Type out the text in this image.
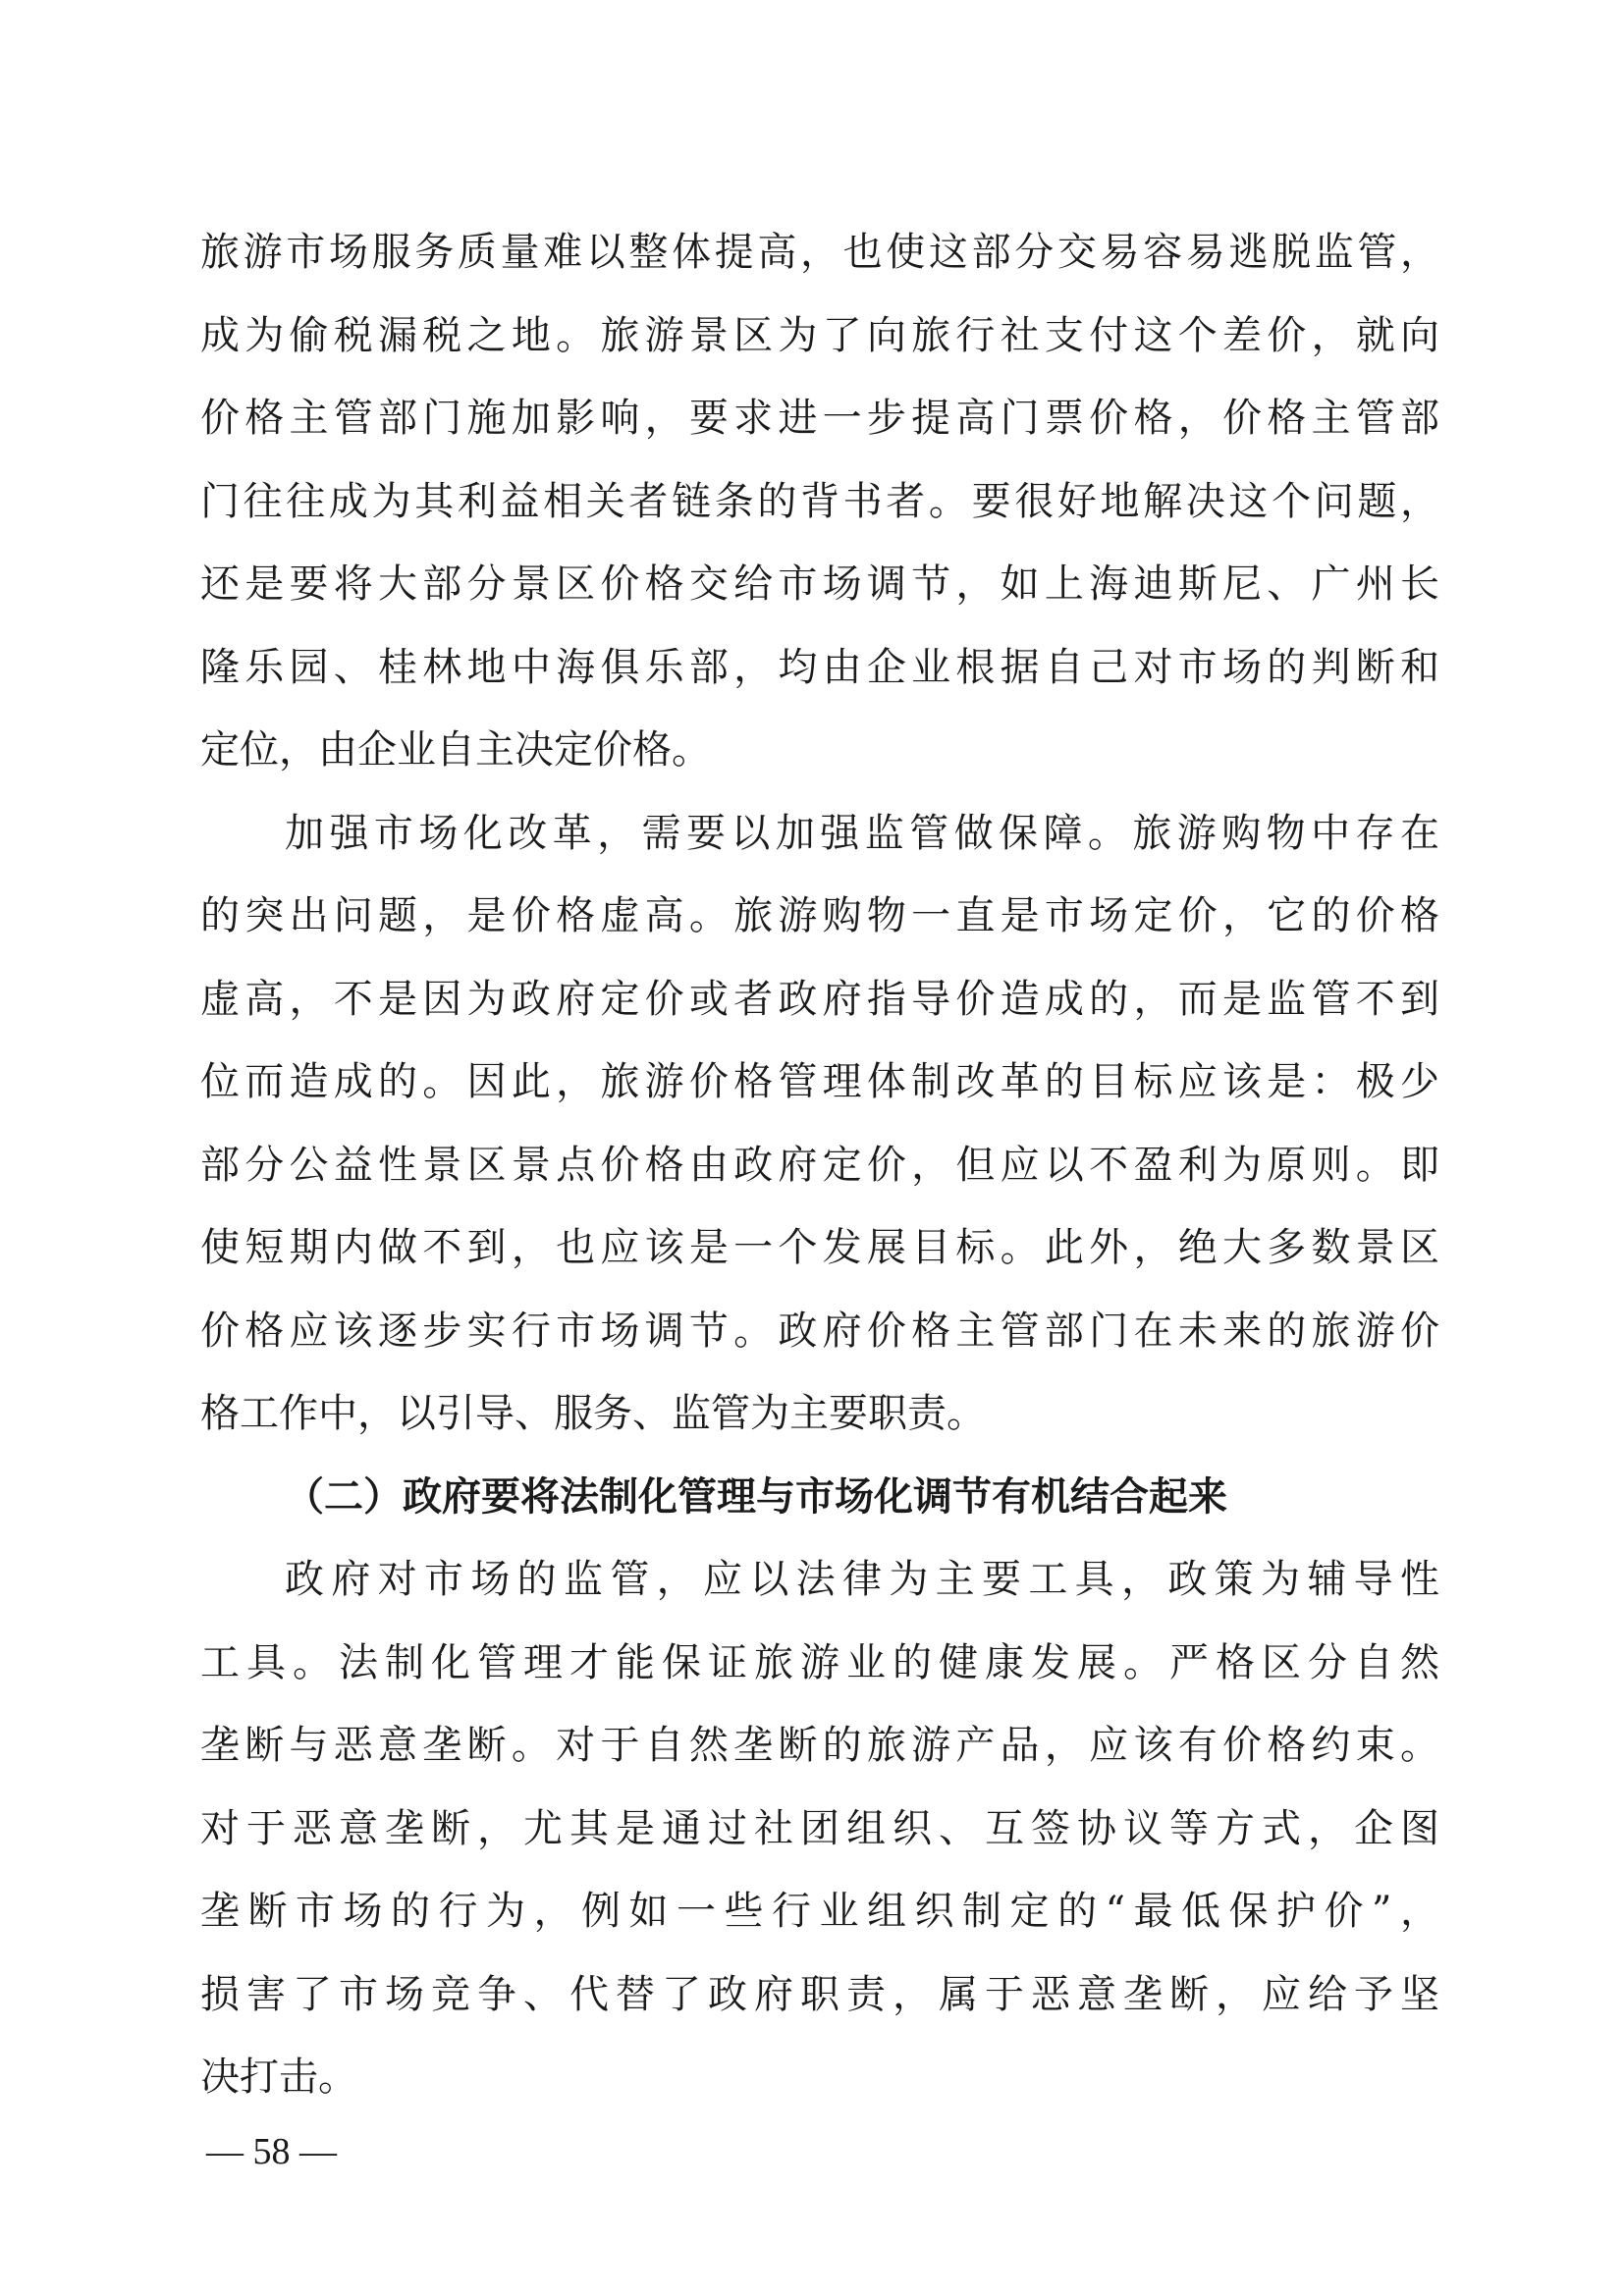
旅游市场服务质量难以整体提高，也使这部分交易容易逃脱监管，
成为偷税漏税之地。旅游景区为了向旅行社支付这个差价，就向
价格主管部门施加影响，要求进一步提高门票价格，价格主管部
门往往成为其利益相关者链条的背书者。要很好地解决这个问题，
还是要将大部分景区价格交给市场调节，如上海迪斯尼、广州长
隆乐园、桂林地中海俱乐部，均由企业根据自己对市场的判断和
定位，由企业自主决定价格。
加强市场化改革，需要以加强监管做保障。旅游购物中存在
的突出问题，是价格虚高。旅游购物一直是市场定价，它的价格
虚高，不是因为政府定价或者政府指导价造成的，而是监管不到
位而造成的。因此，旅游价格管理体制改革的目标应该是：极少
部分公益性景区景点价格由政府定价，但应以不盈利为原则。即
使短期内做不到，也应该是一个发展目标。此外，绝大多数景区
价格应该逐步实行市场调节。政府价格主管部门在未来的旅游价
格工作中，以引导、服务、监管为主要职责。
（二）政府要将法制化管理与市场化调节有机结合起来
政府对市场的监管，应以法律为主要工具，政策为辅导性
工具。法制化管理才能保证旅游业的健康发展。严格区分自然
垄断与恶意垄断。对于自然垄断的旅游产品，应该有价格约束。
对于恶意垄断，尤其是通过社团组织、互签协议等方式，企图
垄断市场的行为，例如一些行业组织制定的“最低保护价”，
损害了市场竞争、代替了政府职责，属于恶意垄断，应给予坚
决打击。
— 58 —
